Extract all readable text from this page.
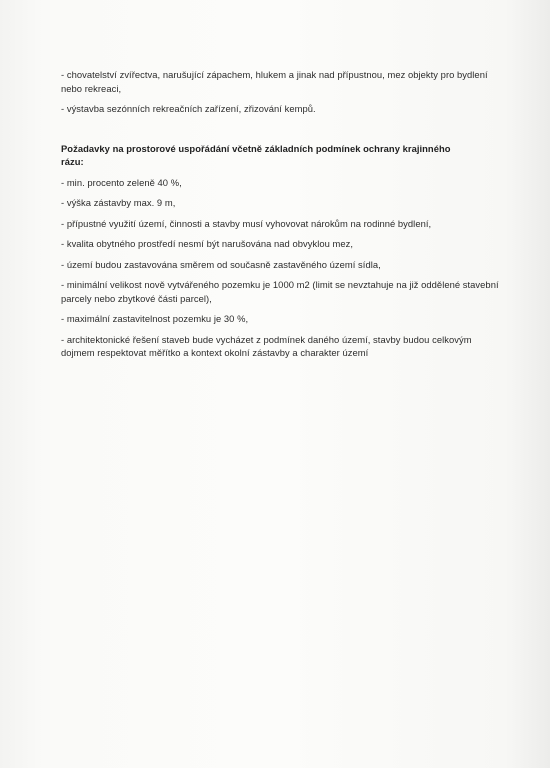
- chovatelství zvířectva, narušující zápachem, hlukem a jinak nad přípustnou, mez objekty pro bydlení nebo rekreaci,

- výstavba sezónních rekreačních zařízení, zřizování kempů.

Požadavky na prostorové uspořádání včetně základních podmínek ochrany krajinného rázu:

- min. procento zeleně 40 %,

- výška zástavby max. 9 m,

- přípustné využití území, činnosti a stavby musí vyhovovat nárokům na rodinné bydlení,

- kvalita obytného prostředí nesmí být narušována nad obvyklou mez,

- území budou zastavována směrem od současně zastavěného území sídla,

- minimální velikost nově vytvářeného pozemku je 1000 m2 (limit se nevztahuje na již oddělené stavební parcely nebo zbytkové části parcel),

- maximální zastavitelnost pozemku je 30 %,

- architektonické řešení staveb bude vycházet z podmínek daného území, stavby budou celkovým dojmem respektovat měřítko a kontext okolní zástavby a charakter území
